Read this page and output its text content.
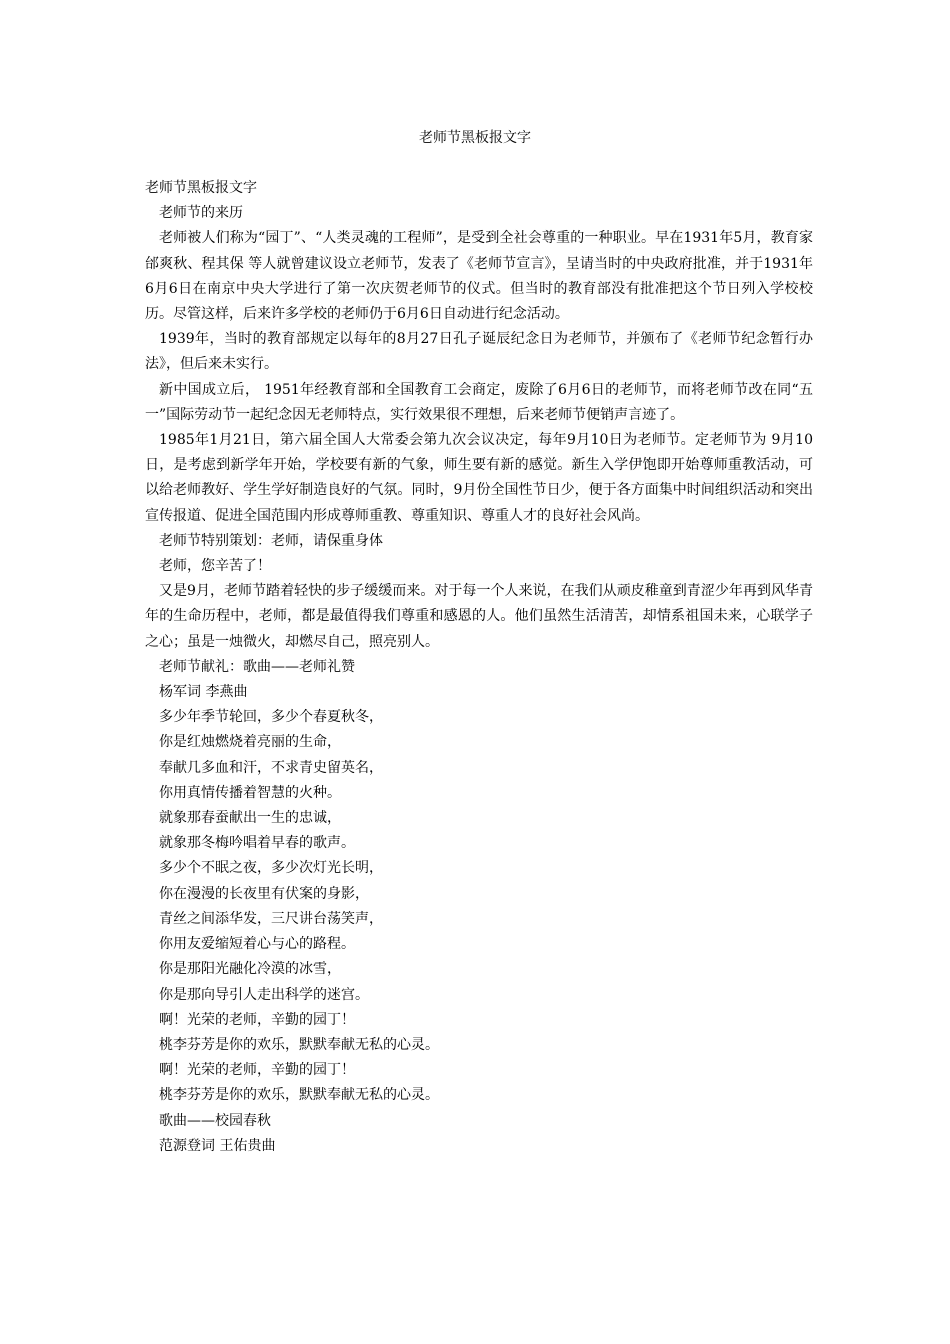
老师节黑板报文字

老师节黑板报文字

老师节的来历

老师被人们称为“园丁”、“人类灵魂的工程师”，是受到全社会尊重的一种职业。早在1931年5月，教育家邰爽秋、程其保 等人就曾建议设立老师节，发表了《老师节宣言》，呈请当时的中央政府批准，并于1931年6月6日在南京中央大学进行了第一次庆贺老师节的仪式。但当时的教育部没有批准把这个节日列入学校校历。尽管这样，后来许多学校的老师仍于6月6日自动进行纪念活动。

1939年，当时的教育部规定以每年的8月27日孔子诞辰纪念日为老师节，并颁布了《老师节纪念暂行办法》，但后来未实行。

新中国成立后， 1951年经教育部和全国教育工会商定，废除了6月6日的老师节，而将老师节改在同“五一”国际劳动节一起纪念因无老师特点，实行效果很不理想，后来老师节便销声言迹了。

1985年1月21日，第六届全国人大常委会第九次会议决定，每年9月10日为老师节。定老师节为 9月10日，是考虑到新学年开始，学校要有新的气象，师生要有新的感觉。新生入学伊饱即开始尊师重教活动，可以给老师教好、学生学好制造良好的气氛。同时，9月份全国性节日少，便于各方面集中时间组织活动和突出宣传报道、促进全国范围内形成尊师重教、尊重知识、尊重人才的良好社会风尚。

老师节特别策划：老师，请保重身体

老师，您辛苦了！

又是9月，老师节踏着轻快的步子缓缓而来。对于每一个人来说，在我们从顽皮稚童到青涩少年再到风华青年的生命历程中，老师，都是最值得我们尊重和感恩的人。他们虽然生活清苦，却情系祖国未来，心联学子之心；虽是一烛微火，却燃尽自己，照亮别人。

老师节献礼：歌曲——老师礼赞

杨军词 李燕曲

多少年季节轮回，多少个春夏秋冬，

你是红烛燃烧着亮丽的生命，

奉献几多血和汗，不求青史留英名，

你用真情传播着智慧的火种。

就象那春蚕献出一生的忠诚，

就象那冬梅吟唱着早春的歌声。

多少个不眠之夜，多少次灯光长明，

你在漫漫的长夜里有伏案的身影，

青丝之间添华发，三尺讲台荡笑声，

你用友爱缩短着心与心的路程。

你是那阳光融化冷漠的冰雪，

你是那向导引人走出科学的迷宫。

啊！光荣的老师，辛勤的园丁！

桃李芬芳是你的欢乐，默默奉献无私的心灵。

啊！光荣的老师，辛勤的园丁！

桃李芬芳是你的欢乐，默默奉献无私的心灵。

歌曲——校园春秋

范源登词 王佑贵曲
